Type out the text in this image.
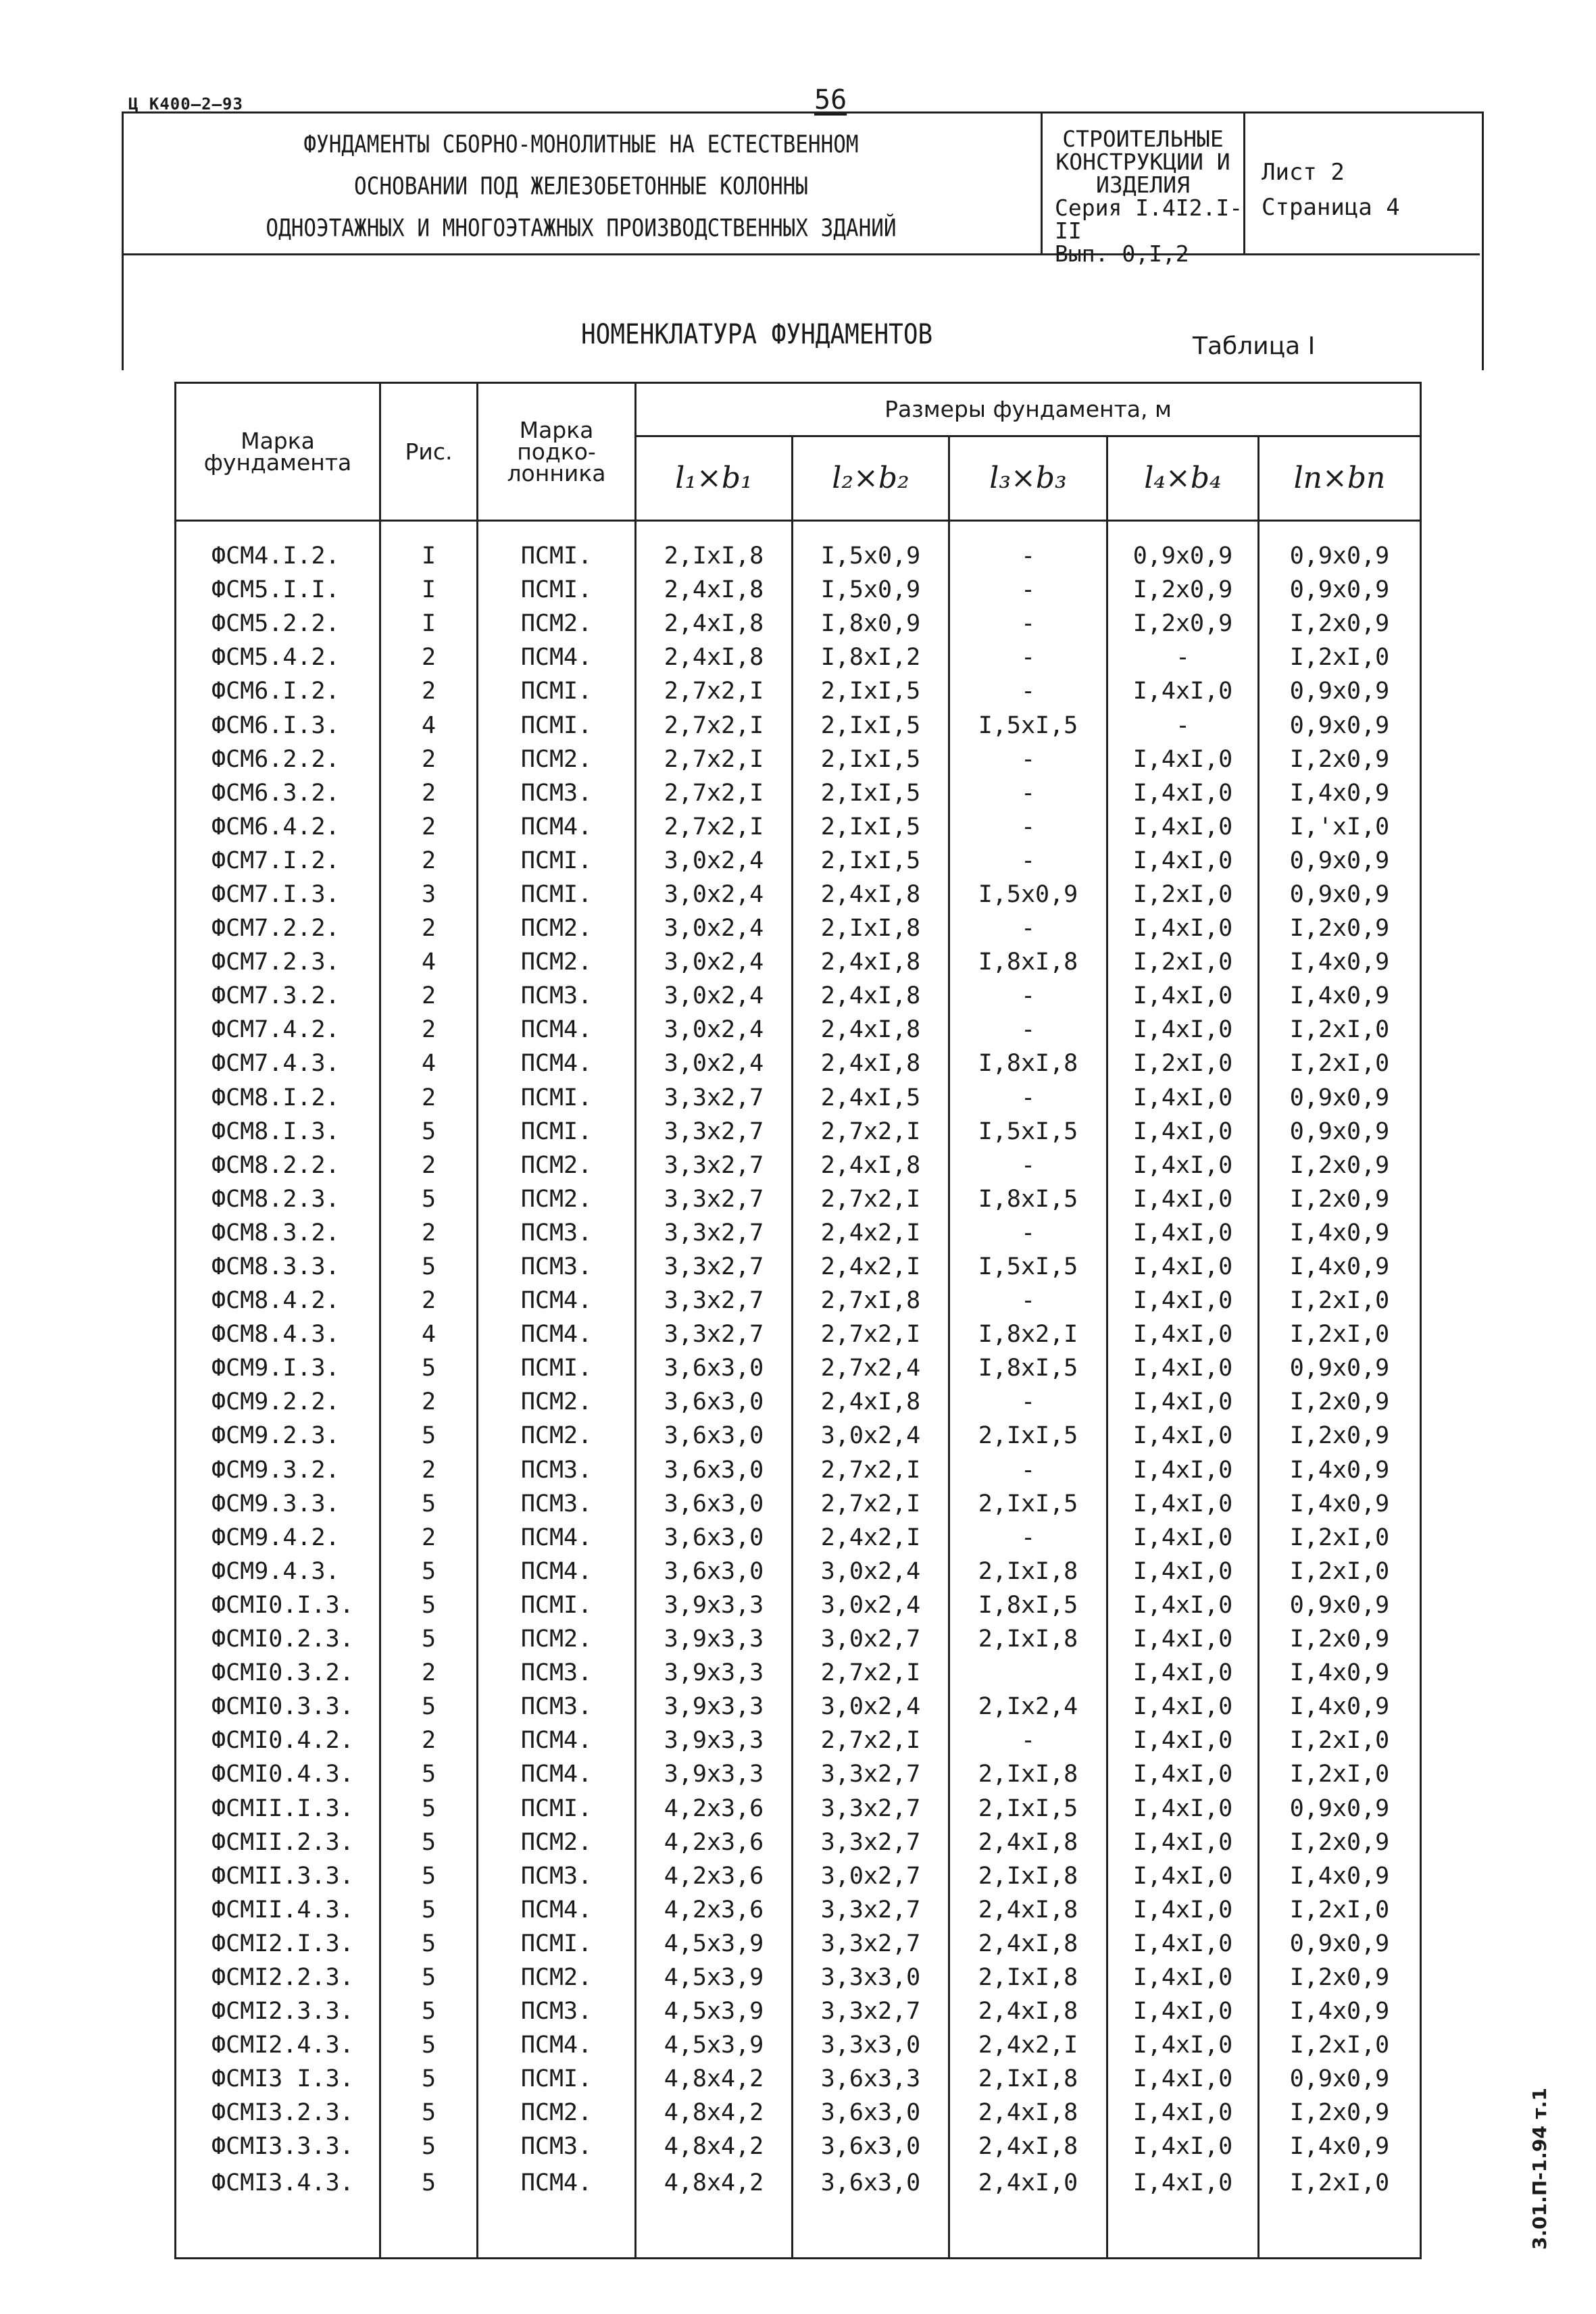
Ц К400—2—93	56
ФУНДАМЕНТЫ СБОРНО-МОНОЛИТНЫЕ НА ЕСТЕСТВЕННОМ
ОСНОВАНИИ ПОД ЖЕЛЕЗОБЕТОННЫЕ КОЛОННЫ
ОДНОЭТАЖНЫХ И МНОГОЭТАЖНЫХ ПРОИЗВОДСТВЕННЫХ ЗДАНИЙ
СТРОИТЕЛЬНЫЕ
КОНСТРУКЦИИ И
ИЗДЕЛИЯ
Серия I.4I2.I-II
Вып. 0,I,2
Лист 2
Страница 4
НОМЕНКЛАТУРА ФУНДАМЕНТОВ	Таблица I
3.01.П-1.94 т.1
Марка фундамента	Рис.	Марка подко-лонника	Размеры фундамента, м				
			l₁×b₁	l₂×b₂	l₃×b₃	l₄×b₄	lп×bп
ФСМ4.I.2.	I	ПСМI.	2,IxI,8	I,5x0,9	-	0,9x0,9	0,9x0,9
ФСМ5.I.I.	I	ПСМI.	2,4xI,8	I,5x0,9	-	I,2x0,9	0,9x0,9
ФСМ5.2.2.	I	ПСМ2.	2,4xI,8	I,8x0,9	-	I,2x0,9	I,2x0,9
ФСМ5.4.2.	2	ПСМ4.	2,4xI,8	I,8xI,2	-	-	I,2xI,0
ФСМ6.I.2.	2	ПСМI.	2,7x2,I	2,IxI,5	-	I,4xI,0	0,9x0,9
ФСМ6.I.3.	4	ПСМI.	2,7x2,I	2,IxI,5	I,5xI,5	-	0,9x0,9
ФСМ6.2.2.	2	ПСМ2.	2,7x2,I	2,IxI,5	-	I,4xI,0	I,2x0,9
ФСМ6.3.2.	2	ПСМ3.	2,7x2,I	2,IxI,5	-	I,4xI,0	I,4x0,9
ФСМ6.4.2.	2	ПСМ4.	2,7x2,I	2,IxI,5	-	I,4xI,0	I,'xI,0
ФСМ7.I.2.	2	ПСМI.	3,0x2,4	2,IxI,5	-	I,4xI,0	0,9x0,9
ФСМ7.I.3.	3	ПСМI.	3,0x2,4	2,4xI,8	I,5x0,9	I,2xI,0	0,9x0,9
ФСМ7.2.2.	2	ПСМ2.	3,0x2,4	2,IxI,8	-	I,4xI,0	I,2x0,9
ФСМ7.2.3.	4	ПСМ2.	3,0x2,4	2,4xI,8	I,8xI,8	I,2xI,0	I,4x0,9
ФСМ7.3.2.	2	ПСМ3.	3,0x2,4	2,4xI,8	-	I,4xI,0	I,4x0,9
ФСМ7.4.2.	2	ПСМ4.	3,0x2,4	2,4xI,8	-	I,4xI,0	I,2xI,0
ФСМ7.4.3.	4	ПСМ4.	3,0x2,4	2,4xI,8	I,8xI,8	I,2xI,0	I,2xI,0
ФСМ8.I.2.	2	ПСМI.	3,3x2,7	2,4xI,5	-	I,4xI,0	0,9x0,9
ФСМ8.I.3.	5	ПСМI.	3,3x2,7	2,7x2,I	I,5xI,5	I,4xI,0	0,9x0,9
ФСМ8.2.2.	2	ПСМ2.	3,3x2,7	2,4xI,8	-	I,4xI,0	I,2x0,9
ФСМ8.2.3.	5	ПСМ2.	3,3x2,7	2,7x2,I	I,8xI,5	I,4xI,0	I,2x0,9
ФСМ8.3.2.	2	ПСМ3.	3,3x2,7	2,4x2,I	-	I,4xI,0	I,4x0,9
ФСМ8.3.3.	5	ПСМ3.	3,3x2,7	2,4x2,I	I,5xI,5	I,4xI,0	I,4x0,9
ФСМ8.4.2.	2	ПСМ4.	3,3x2,7	2,7xI,8	-	I,4xI,0	I,2xI,0
ФСМ8.4.3.	4	ПСМ4.	3,3x2,7	2,7x2,I	I,8x2,I	I,4xI,0	I,2xI,0
ФСМ9.I.3.	5	ПСМI.	3,6x3,0	2,7x2,4	I,8xI,5	I,4xI,0	0,9x0,9
ФСМ9.2.2.	2	ПСМ2.	3,6x3,0	2,4xI,8	-	I,4xI,0	I,2x0,9
ФСМ9.2.3.	5	ПСМ2.	3,6x3,0	3,0x2,4	2,IxI,5	I,4xI,0	I,2x0,9
ФСМ9.3.2.	2	ПСМ3.	3,6x3,0	2,7x2,I	-	I,4xI,0	I,4x0,9
ФСМ9.3.3.	5	ПСМ3.	3,6x3,0	2,7x2,I	2,IxI,5	I,4xI,0	I,4x0,9
ФСМ9.4.2.	2	ПСМ4.	3,6x3,0	2,4x2,I	-	I,4xI,0	I,2xI,0
ФСМ9.4.3.	5	ПСМ4.	3,6x3,0	3,0x2,4	2,IxI,8	I,4xI,0	I,2xI,0
ФСМI0.I.3.	5	ПСМI.	3,9x3,3	3,0x2,4	I,8xI,5	I,4xI,0	0,9x0,9
ФСМI0.2.3.	5	ПСМ2.	3,9x3,3	3,0x2,7	2,IxI,8	I,4xI,0	I,2x0,9
ФСМI0.3.2.	2	ПСМ3.	3,9x3,3	2,7x2,I		I,4xI,0	I,4x0,9
ФСМI0.3.3.	5	ПСМ3.	3,9x3,3	3,0x2,4	2,Ix2,4	I,4xI,0	I,4x0,9
ФСМI0.4.2.	2	ПСМ4.	3,9x3,3	2,7x2,I	-	I,4xI,0	I,2xI,0
ФСМI0.4.3.	5	ПСМ4.	3,9x3,3	3,3x2,7	2,IxI,8	I,4xI,0	I,2xI,0
ФСМII.I.3.	5	ПСМI.	4,2x3,6	3,3x2,7	2,IxI,5	I,4xI,0	0,9x0,9
ФСМII.2.3.	5	ПСМ2.	4,2x3,6	3,3x2,7	2,4xI,8	I,4xI,0	I,2x0,9
ФСМII.3.3.	5	ПСМ3.	4,2x3,6	3,0x2,7	2,IxI,8	I,4xI,0	I,4x0,9
ФСМII.4.3.	5	ПСМ4.	4,2x3,6	3,3x2,7	2,4xI,8	I,4xI,0	I,2xI,0
ФСМI2.I.3.	5	ПСМI.	4,5x3,9	3,3x2,7	2,4xI,8	I,4xI,0	0,9x0,9
ФСМI2.2.3.	5	ПСМ2.	4,5x3,9	3,3x3,0	2,IxI,8	I,4xI,0	I,2x0,9
ФСМI2.3.3.	5	ПСМ3.	4,5x3,9	3,3x2,7	2,4xI,8	I,4xI,0	I,4x0,9
ФСМI2.4.3.	5	ПСМ4.	4,5x3,9	3,3x3,0	2,4x2,I	I,4xI,0	I,2xI,0
ФСМI3 I.3.	5	ПСМI.	4,8x4,2	3,6x3,3	2,IxI,8	I,4xI,0	0,9x0,9
ФСМI3.2.3.	5	ПСМ2.	4,8x4,2	3,6x3,0	2,4xI,8	I,4xI,0	I,2x0,9
ФСМI3.3.3.	5	ПСМ3.	4,8x4,2	3,6x3,0	2,4xI,8	I,4xI,0	I,4x0,9
ФСМI3.4.3.	5	ПСМ4.	4,8x4,2	3,6x3,0	2,4xI,0	I,4xI,0	I,2xI,0
